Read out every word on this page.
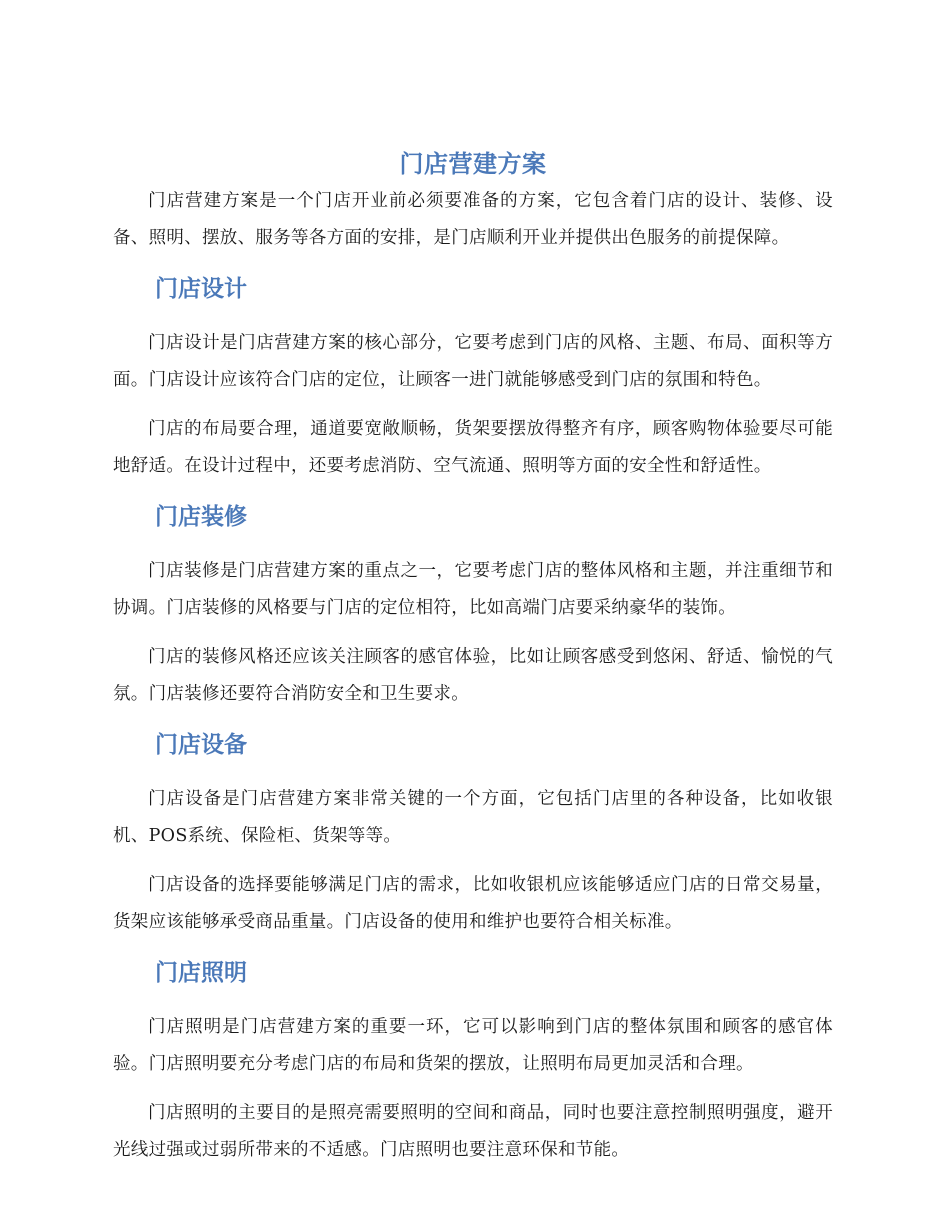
门店营建方案

门店营建方案是一个门店开业前必须要准备的方案，它包含着门店的设计、装修、设备、照明、摆放、服务等各方面的安排，是门店顺利开业并提供出色服务的前提保障。

门店设计

门店设计是门店营建方案的核心部分，它要考虑到门店的风格、主题、布局、面积等方面。门店设计应该符合门店的定位，让顾客一进门就能够感受到门店的氛围和特色。

门店的布局要合理，通道要宽敞顺畅，货架要摆放得整齐有序，顾客购物体验要尽可能地舒适。在设计过程中，还要考虑消防、空气流通、照明等方面的安全性和舒适性。

门店装修

门店装修是门店营建方案的重点之一，它要考虑门店的整体风格和主题，并注重细节和协调。门店装修的风格要与门店的定位相符，比如高端门店要采纳豪华的装饰。

门店的装修风格还应该关注顾客的感官体验，比如让顾客感受到悠闲、舒适、愉悦的气氛。门店装修还要符合消防安全和卫生要求。

门店设备

门店设备是门店营建方案非常关键的一个方面，它包括门店里的各种设备，比如收银机、POS系统、保险柜、货架等等。

门店设备的选择要能够满足门店的需求，比如收银机应该能够适应门店的日常交易量，货架应该能够承受商品重量。门店设备的使用和维护也要符合相关标准。

门店照明

门店照明是门店营建方案的重要一环，它可以影响到门店的整体氛围和顾客的感官体验。门店照明要充分考虑门店的布局和货架的摆放，让照明布局更加灵活和合理。

门店照明的主要目的是照亮需要照明的空间和商品，同时也要注意控制照明强度，避开光线过强或过弱所带来的不适感。门店照明也要注意环保和节能。
